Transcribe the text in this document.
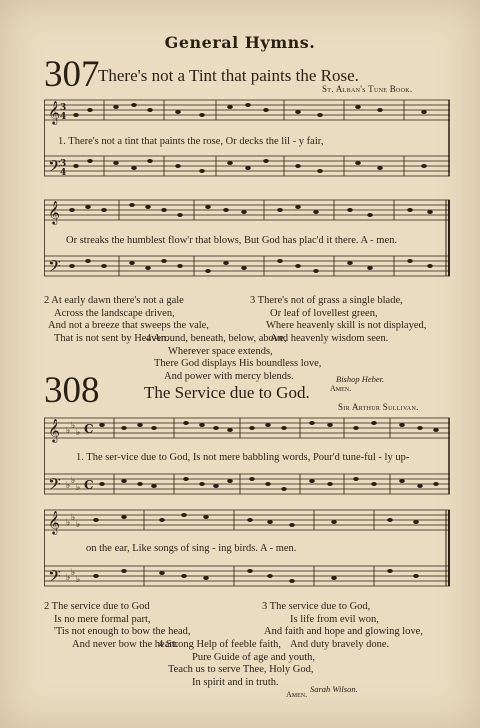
General Hymns.
307
There's not a Tint that paints the Rose.
St. Alban's Tune Book.
𝄞
𝄢
3
4
3
4
1. There's not a tint that paints the rose, Or decks the lil - y fair,
𝄞
𝄢
Or streaks the humblest flow'r that blows, But God has plac'd it there. A - men.
2 At early dawn there's not a gale
Across the landscape driven,
And not a breeze that sweeps the vale,
That is not sent by Heaven.
3 There's not of grass a single blade,
Or leaf of lovellest green,
Where heavenly skill is not displayed,
And heavenly wisdom seen.
4 Around, beneath, below, above,
Wherever space extends,
There God displays His boundless love,
And power with mercy blends.
Amen.
Bishop Heber.
308	The Service due to God.
Sir Arthur Sullivan.
𝄞
𝄢
♭ ♭
♭
♭ ♭
♭
C
C
1. The ser-vice due to God, Is not mere babbling words, Pour'd tune-ful - ly up-
𝄞
𝄢
♭ ♭
♭
♭ ♭
♭
on the ear, Like songs of sing - ing birds. A - men.
2 The service due to God
Is no mere formal part,
'Tis not enough to bow the head,
And never bow the heart.
3 The service due to God,
Is life from evil won,
And faith and hope and glowing love,
And duty bravely done.
4 Strong Help of feeble faith,
Pure Guide of age and youth,
Teach us to serve Thee, Holy God,
In spirit and in truth.
Amen.
Sarah Wilson.
